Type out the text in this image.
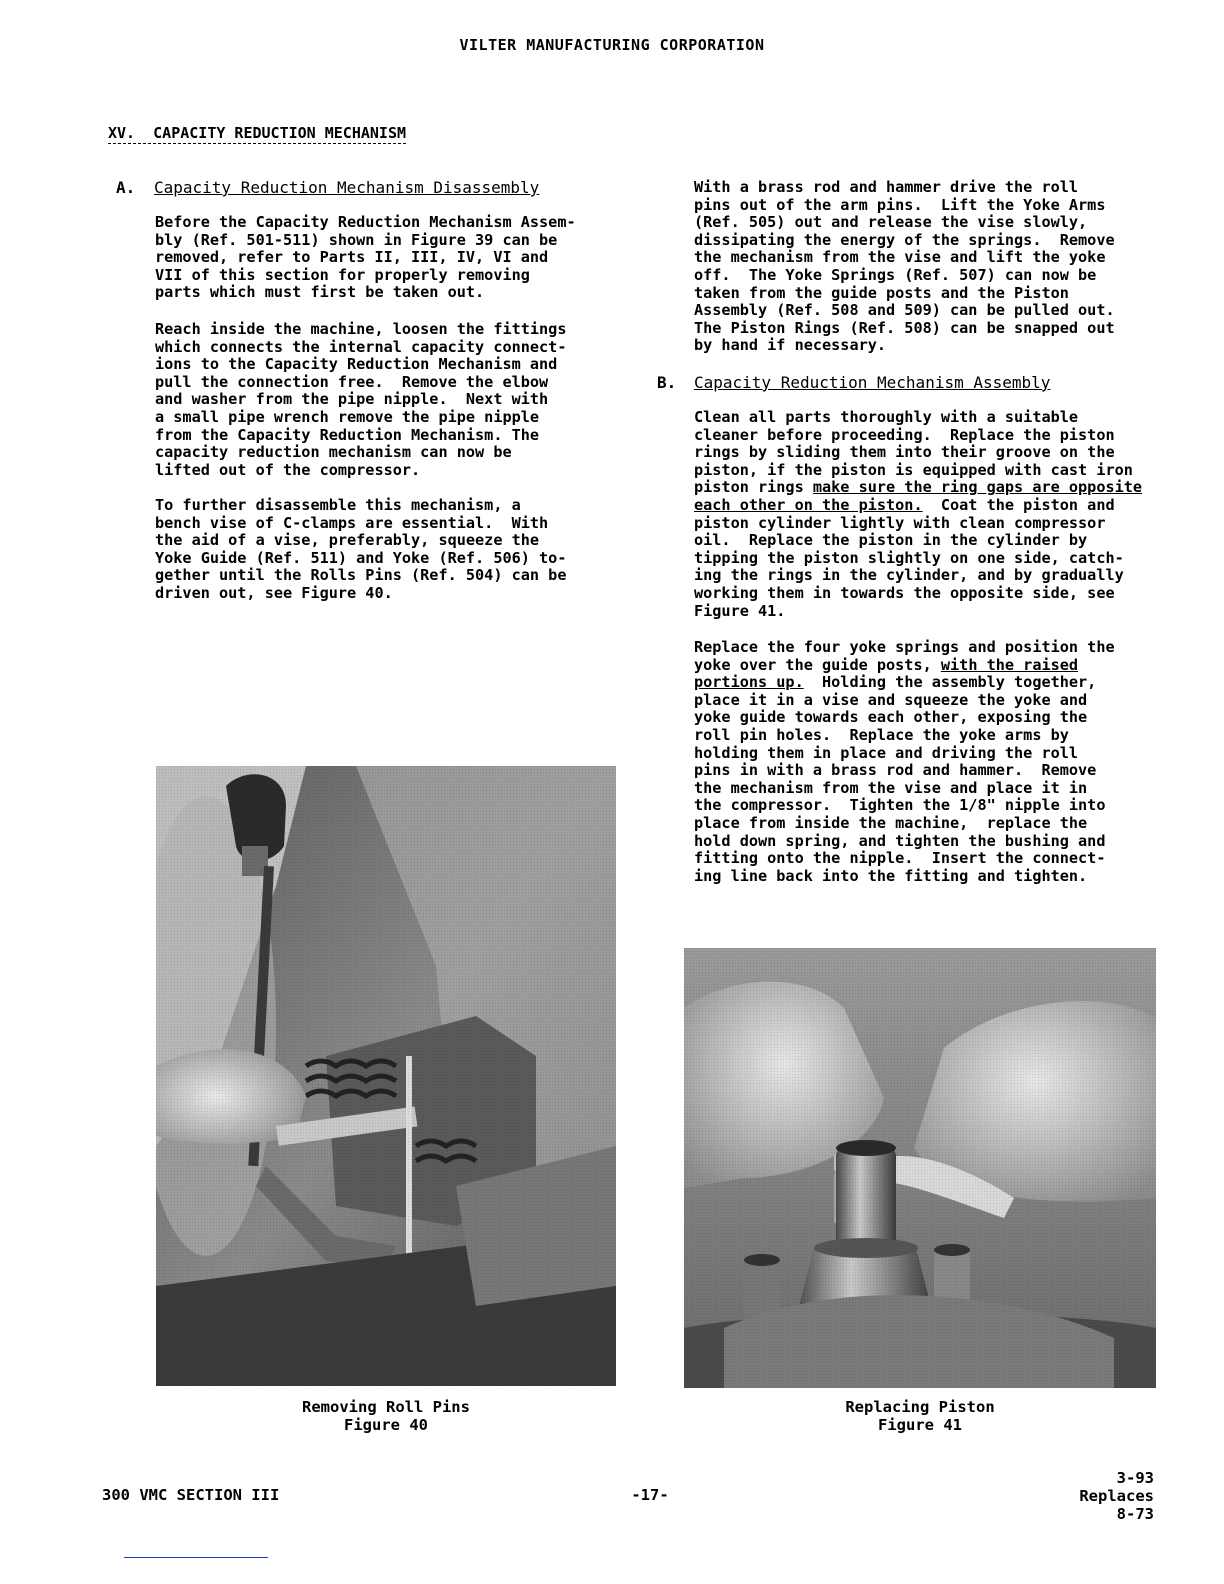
VILTER MANUFACTURING CORPORATION
XV.  CAPACITY REDUCTION MECHANISM
A. Capacity Reduction Mechanism Disassembly
Before the Capacity Reduction Mechanism Assem-
bly (Ref. 501-511) shown in Figure 39 can be
removed, refer to Parts II, III, IV, VI and
VII of this section for properly removing
parts which must first be taken out.
Reach inside the machine, loosen the fittings
which connects the internal capacity connect-
ions to the Capacity Reduction Mechanism and
pull the connection free.  Remove the elbow
and washer from the pipe nipple.  Next with
a small pipe wrench remove the pipe nipple
from the Capacity Reduction Mechanism. The
capacity reduction mechanism can now be
lifted out of the compressor.
To further disassemble this mechanism, a
bench vise of C-clamps are essential.  With
the aid of a vise, preferably, squeeze the
Yoke Guide (Ref. 511) and Yoke (Ref. 506) to-
gether until the Rolls Pins (Ref. 504) can be
driven out, see Figure 40.
With a brass rod and hammer drive the roll
pins out of the arm pins.  Lift the Yoke Arms
(Ref. 505) out and release the vise slowly,
dissipating the energy of the springs.  Remove
the mechanism from the vise and lift the yoke
off.  The Yoke Springs (Ref. 507) can now be
taken from the guide posts and the Piston
Assembly (Ref. 508 and 509) can be pulled out.
The Piston Rings (Ref. 508) can be snapped out
by hand if necessary.
B. Capacity Reduction Mechanism Assembly
Clean all parts thoroughly with a suitable
cleaner before proceeding.  Replace the piston
rings by sliding them into their groove on the
piston, if the piston is equipped with cast iron
piston rings make sure the ring gaps are opposite
each other on the piston.  Coat the piston and
piston cylinder lightly with clean compressor
oil.  Replace the piston in the cylinder by
tipping the piston slightly on one side, catch-
ing the rings in the cylinder, and by gradually
working them in towards the opposite side, see
Figure 41.
Replace the four yoke springs and position the
yoke over the guide posts, with the raised
portions up.  Holding the assembly together,
place it in a vise and squeeze the yoke and
yoke guide towards each other, exposing the
roll pin holes.  Replace the yoke arms by
holding them in place and driving the roll
pins in with a brass rod and hammer.  Remove
the mechanism from the vise and place it in
the compressor.  Tighten the 1/8" nipple into
place from inside the machine,  replace the
hold down spring, and tighten the bushing and
fitting onto the nipple.  Insert the connect-
ing line back into the fitting and tighten.
Removing Roll Pins
Figure 40
Replacing Piston
Figure 41
300 VMC SECTION III	-17-
3-93
Replaces
8-73
